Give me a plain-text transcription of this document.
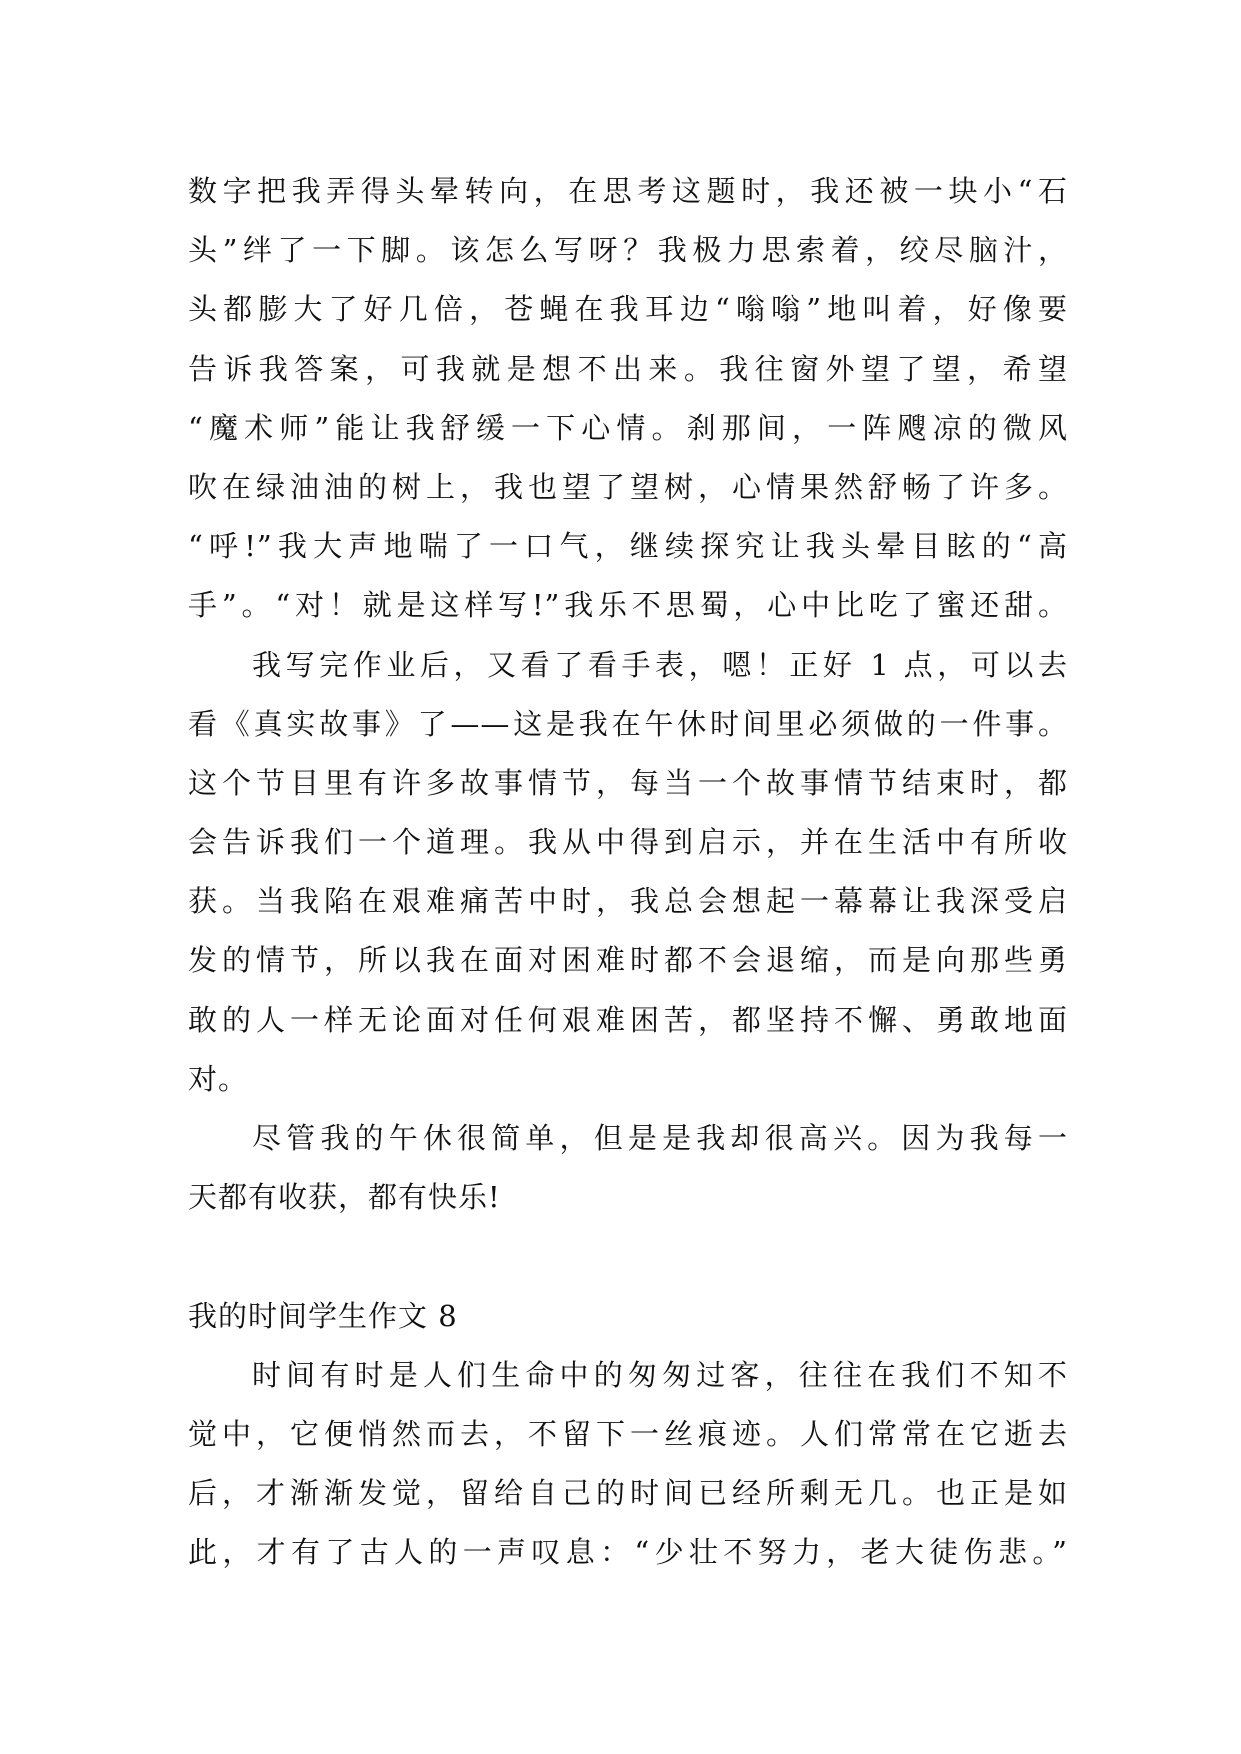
数字把我弄得头晕转向，在思考这题时，我还被一块小“石
头”绊了一下脚。该怎么写呀？我极力思索着，绞尽脑汁，
头都膨大了好几倍，苍蝇在我耳边“嗡嗡”地叫着，好像要
告诉我答案，可我就是想不出来。我往窗外望了望，希望
“魔术师”能让我舒缓一下心情。刹那间，一阵飕凉的微风
吹在绿油油的树上，我也望了望树，心情果然舒畅了许多。
“呼!”我大声地喘了一口气，继续探究让我头晕目眩的“高
手”。“对！就是这样写!”我乐不思蜀，心中比吃了蜜还甜。
我写完作业后，又看了看手表，嗯！正好 1 点，可以去
看《真实故事》了——这是我在午休时间里必须做的一件事。
这个节目里有许多故事情节，每当一个故事情节结束时，都
会告诉我们一个道理。我从中得到启示，并在生活中有所收
获。当我陷在艰难痛苦中时，我总会想起一幕幕让我深受启
发的情节，所以我在面对困难时都不会退缩，而是向那些勇
敢的人一样无论面对任何艰难困苦，都坚持不懈、勇敢地面
对。
尽管我的午休很简单，但是是我却很高兴。因为我每一
天都有收获，都有快乐!
我的时间学生作文 8
时间有时是人们生命中的匆匆过客，往往在我们不知不
觉中，它便悄然而去，不留下一丝痕迹。人们常常在它逝去
后，才渐渐发觉，留给自己的时间已经所剩无几。也正是如
此，才有了古人的一声叹息：“少壮不努力，老大徒伤悲。”
